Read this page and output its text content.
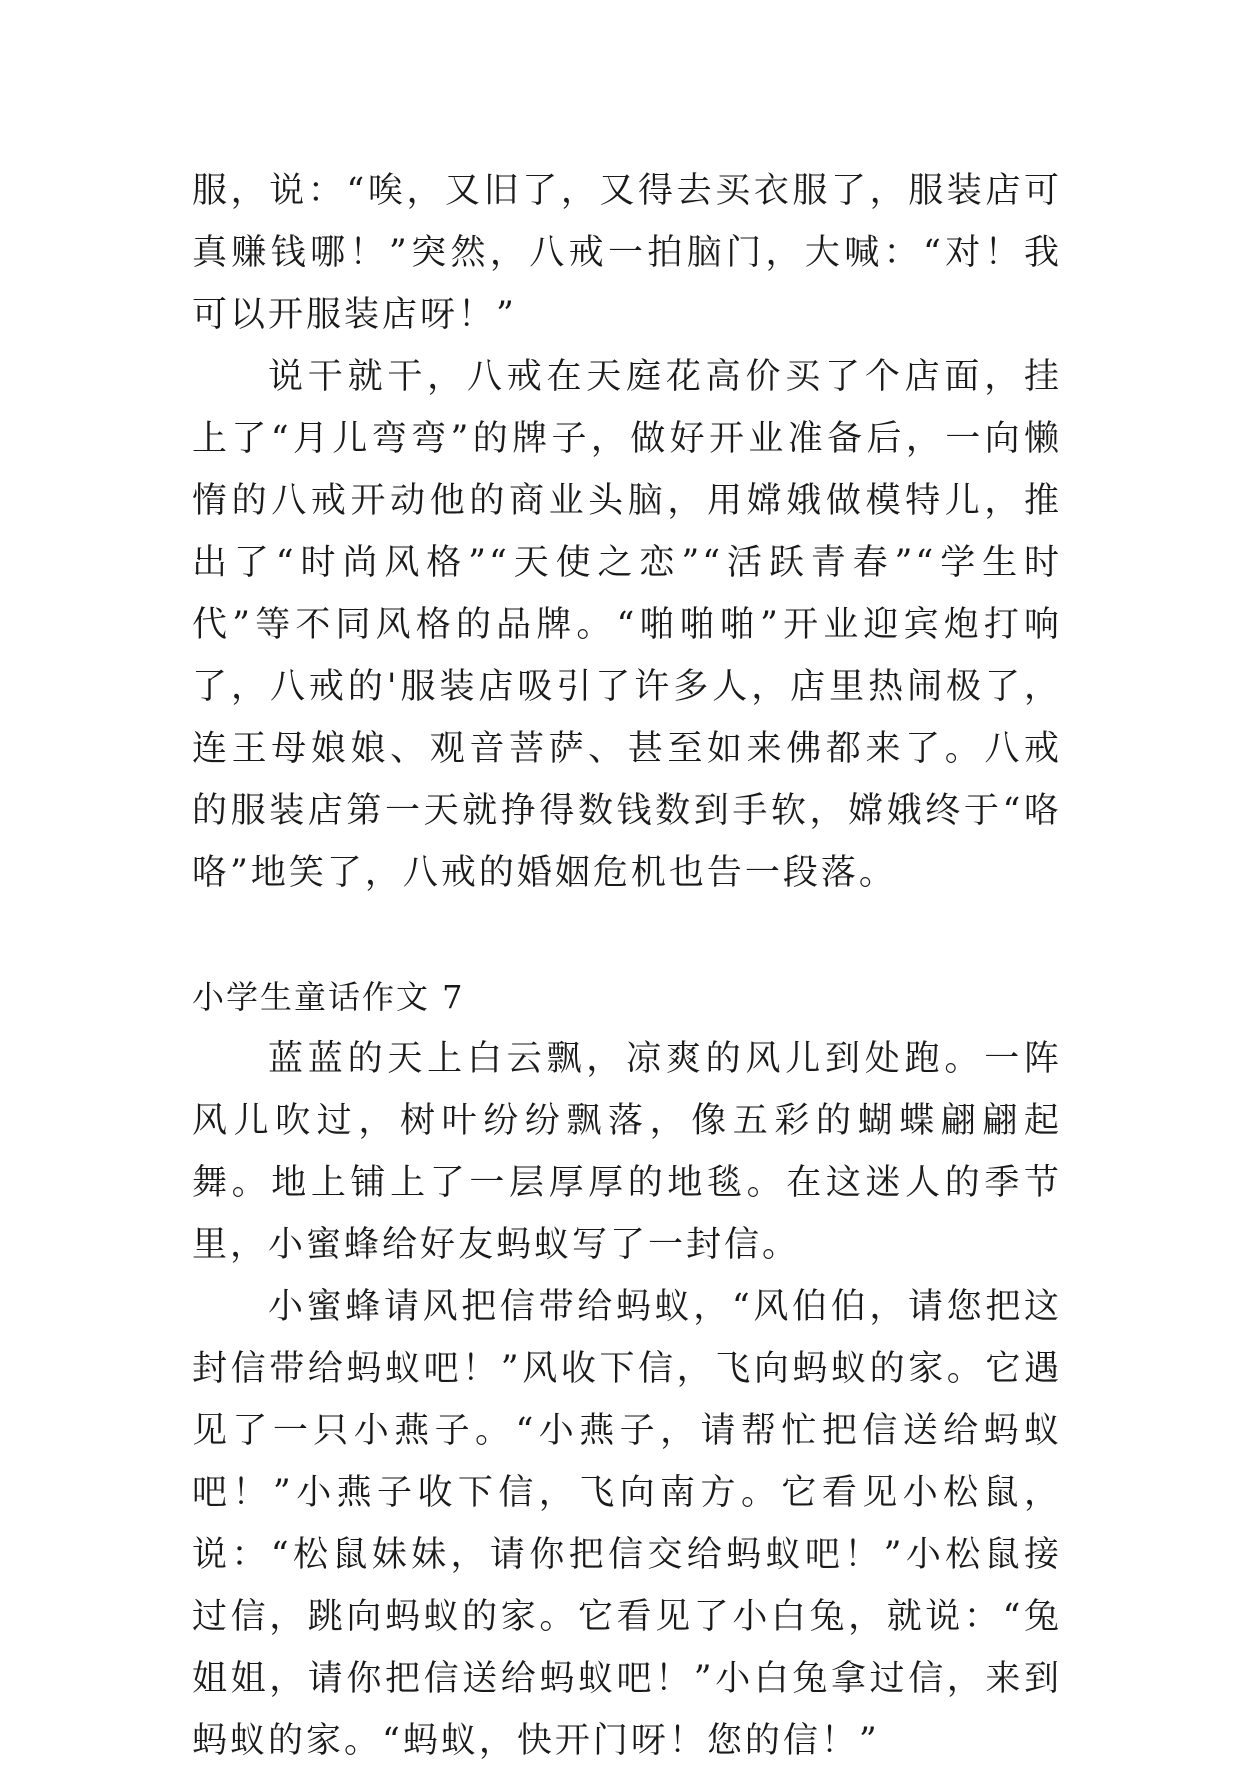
服，说：“唉，又旧了，又得去买衣服了，服装店可真赚钱哪！”突然，八戒一拍脑门，大喊：“对！我可以开服装店呀！”

说干就干，八戒在天庭花高价买了个店面，挂上了“月儿弯弯”的牌子，做好开业准备后，一向懒惰的八戒开动他的商业头脑，用嫦娥做模特儿，推出了“时尚风格”“天使之恋”“活跃青春”“学生时代”等不同风格的品牌。“啪啪啪”开业迎宾炮打响了，八戒的'服装店吸引了许多人，店里热闹极了，连王母娘娘、观音菩萨、甚至如来佛都来了。八戒的服装店第一天就挣得数钱数到手软，嫦娥终于“咯咯”地笑了，八戒的婚姻危机也告一段落。

小学生童话作文 7

蓝蓝的天上白云飘，凉爽的风儿到处跑。一阵风儿吹过，树叶纷纷飘落，像五彩的蝴蝶翩翩起舞。地上铺上了一层厚厚的地毯。在这迷人的季节里，小蜜蜂给好友蚂蚁写了一封信。

小蜜蜂请风把信带给蚂蚁，“风伯伯，请您把这封信带给蚂蚁吧！”风收下信，飞向蚂蚁的家。它遇见了一只小燕子。“小燕子，请帮忙把信送给蚂蚁吧！”小燕子收下信，飞向南方。它看见小松鼠，说：“松鼠妹妹，请你把信交给蚂蚁吧！”小松鼠接过信，跳向蚂蚁的家。它看见了小白兔，就说：“兔姐姐，请你把信送给蚂蚁吧！”小白兔拿过信，来到蚂蚁的家。“蚂蚁，快开门呀！您的信！”
